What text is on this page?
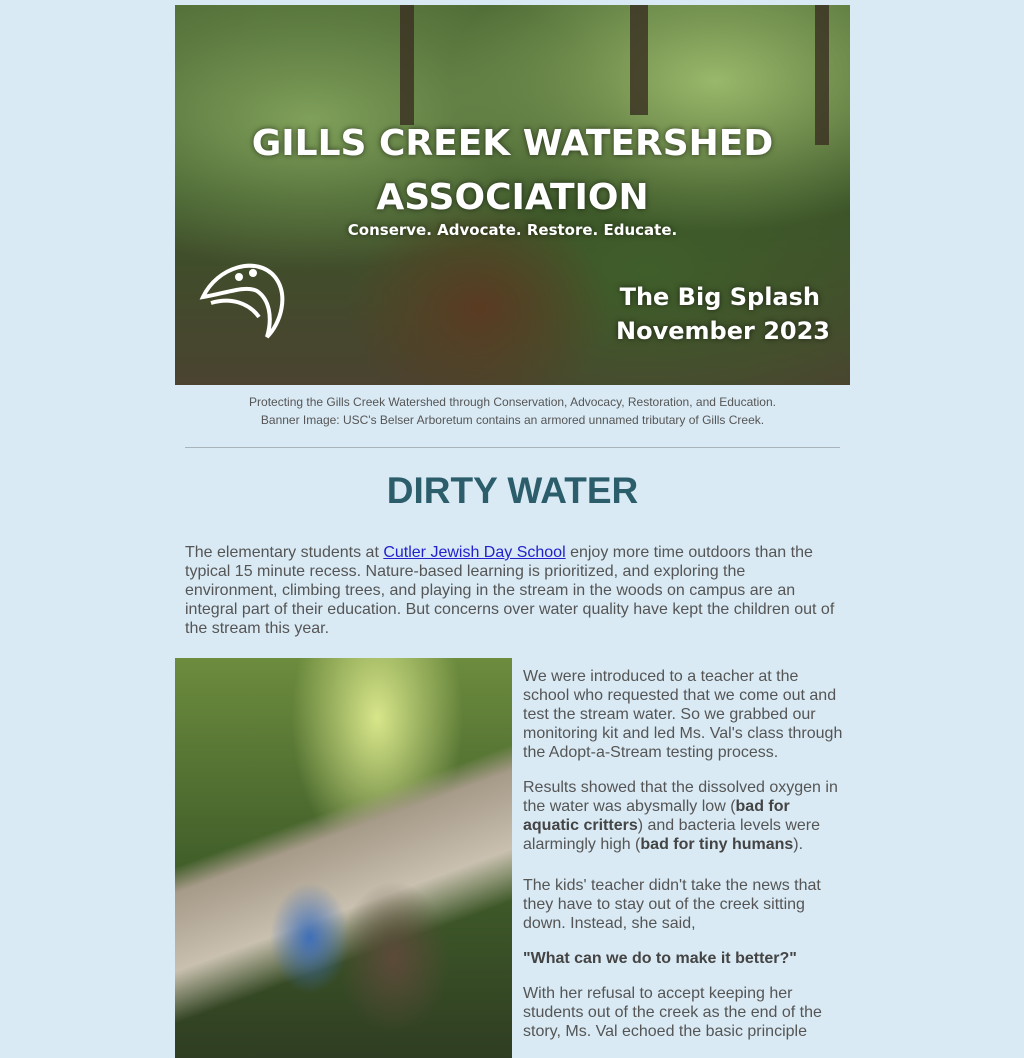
GILLS CREEK WATERSHED
ASSOCIATION
Conserve. Advocate. Restore. Educate.
The Big Splash
November 2023
Protecting the Gills Creek Watershed through Conservation, Advocacy, Restoration, and Education.
Banner Image: USC's Belser Arboretum contains an armored unnamed tributary of Gills Creek.
DIRTY WATER

The elementary students at Cutler Jewish Day School enjoy more time outdoors than the typical 15 minute recess. Nature-based learning is prioritized, and exploring the environment, climbing trees, and playing in the stream in the woods on campus are an integral part of their education. But concerns over water quality have kept the children out of the stream this year.

We were introduced to a teacher at the school who requested that we come out and test the stream water. So we grabbed our monitoring kit and led Ms. Val's class through the Adopt-a-Stream testing process.

Results showed that the dissolved oxygen in the water was abysmally low (bad for aquatic critters) and bacteria levels were alarmingly high (bad for tiny humans).

The kids' teacher didn't take the news that they have to stay out of the creek sitting down. Instead, she said,

"What can we do to make it better?"

With her refusal to accept keeping her students out of the creek as the end of the story, Ms. Val echoed the basic principle
